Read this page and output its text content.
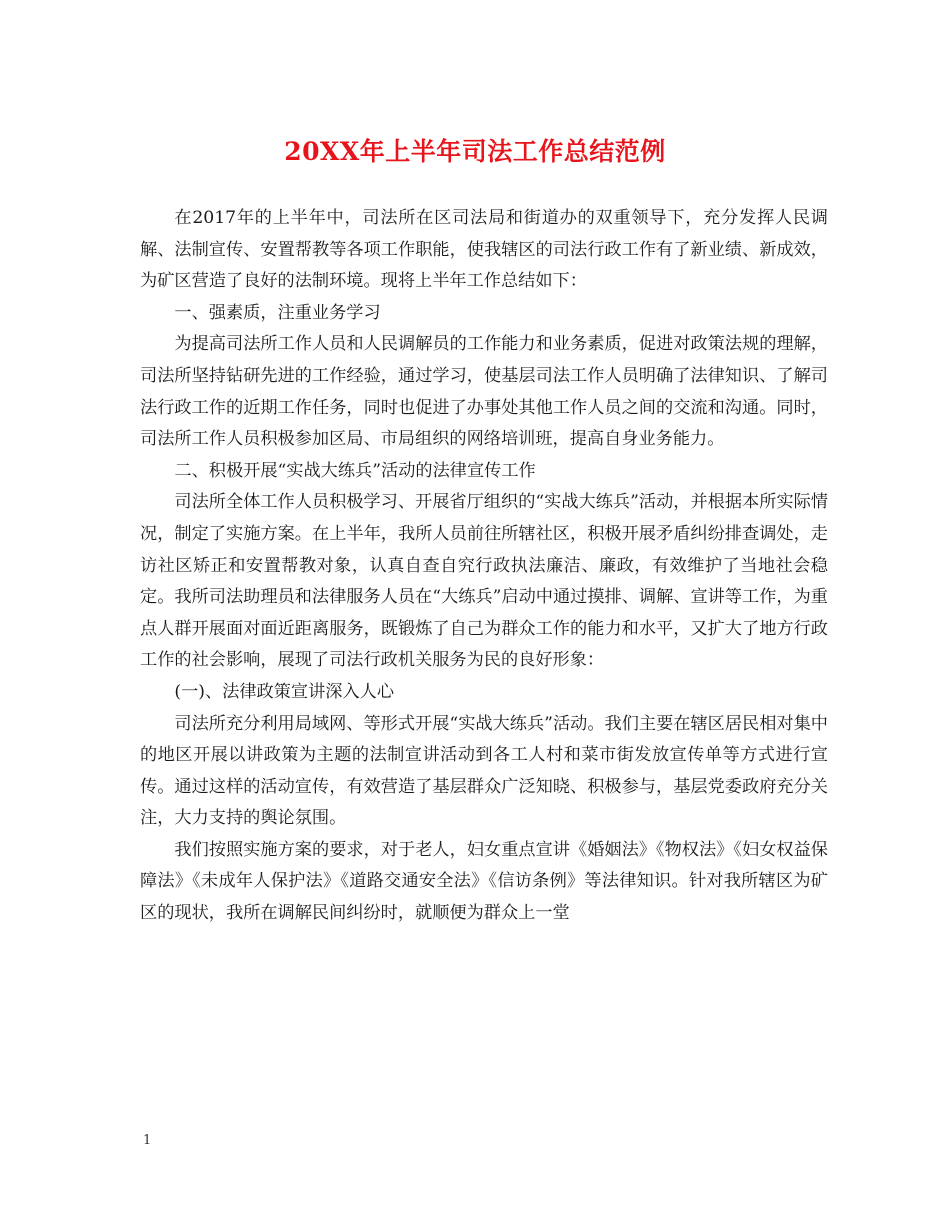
20XX年上半年司法工作总结范例

在2017年的上半年中，司法所在区司法局和街道办的双重领导下，充分发挥人民调解、法制宣传、安置帮教等各项工作职能，使我辖区的司法行政工作有了新业绩、新成效，为矿区营造了良好的法制环境。现将上半年工作总结如下：

一、强素质，注重业务学习

为提高司法所工作人员和人民调解员的工作能力和业务素质，促进对政策法规的理解，司法所坚持钻研先进的工作经验，通过学习，使基层司法工作人员明确了法律知识、了解司法行政工作的近期工作任务，同时也促进了办事处其他工作人员之间的交流和沟通。同时，司法所工作人员积极参加区局、市局组织的网络培训班，提高自身业务能力。

二、积极开展“实战大练兵”活动的法律宣传工作

司法所全体工作人员积极学习、开展省厅组织的“实战大练兵”活动，并根据本所实际情况，制定了实施方案。在上半年，我所人员前往所辖社区，积极开展矛盾纠纷排查调处，走访社区矫正和安置帮教对象，认真自查自究行政执法廉洁、廉政，有效维护了当地社会稳定。我所司法助理员和法律服务人员在“大练兵”启动中通过摸排、调解、宣讲等工作，为重点人群开展面对面近距离服务，既锻炼了自己为群众工作的能力和水平，又扩大了地方行政工作的社会影响，展现了司法行政机关服务为民的良好形象：

(一)、法律政策宣讲深入人心

司法所充分利用局域网、等形式开展“实战大练兵”活动。我们主要在辖区居民相对集中的地区开展以讲政策为主题的法制宣讲活动到各工人村和菜市街发放宣传单等方式进行宣传。通过这样的活动宣传，有效营造了基层群众广泛知晓、积极参与，基层党委政府充分关注，大力支持的舆论氛围。

我们按照实施方案的要求，对于老人，妇女重点宣讲《婚姻法》《物权法》《妇女权益保障法》《未成年人保护法》《道路交通安全法》《信访条例》等法律知识。针对我所辖区为矿区的现状，我所在调解民间纠纷时，就顺便为群众上一堂

1
